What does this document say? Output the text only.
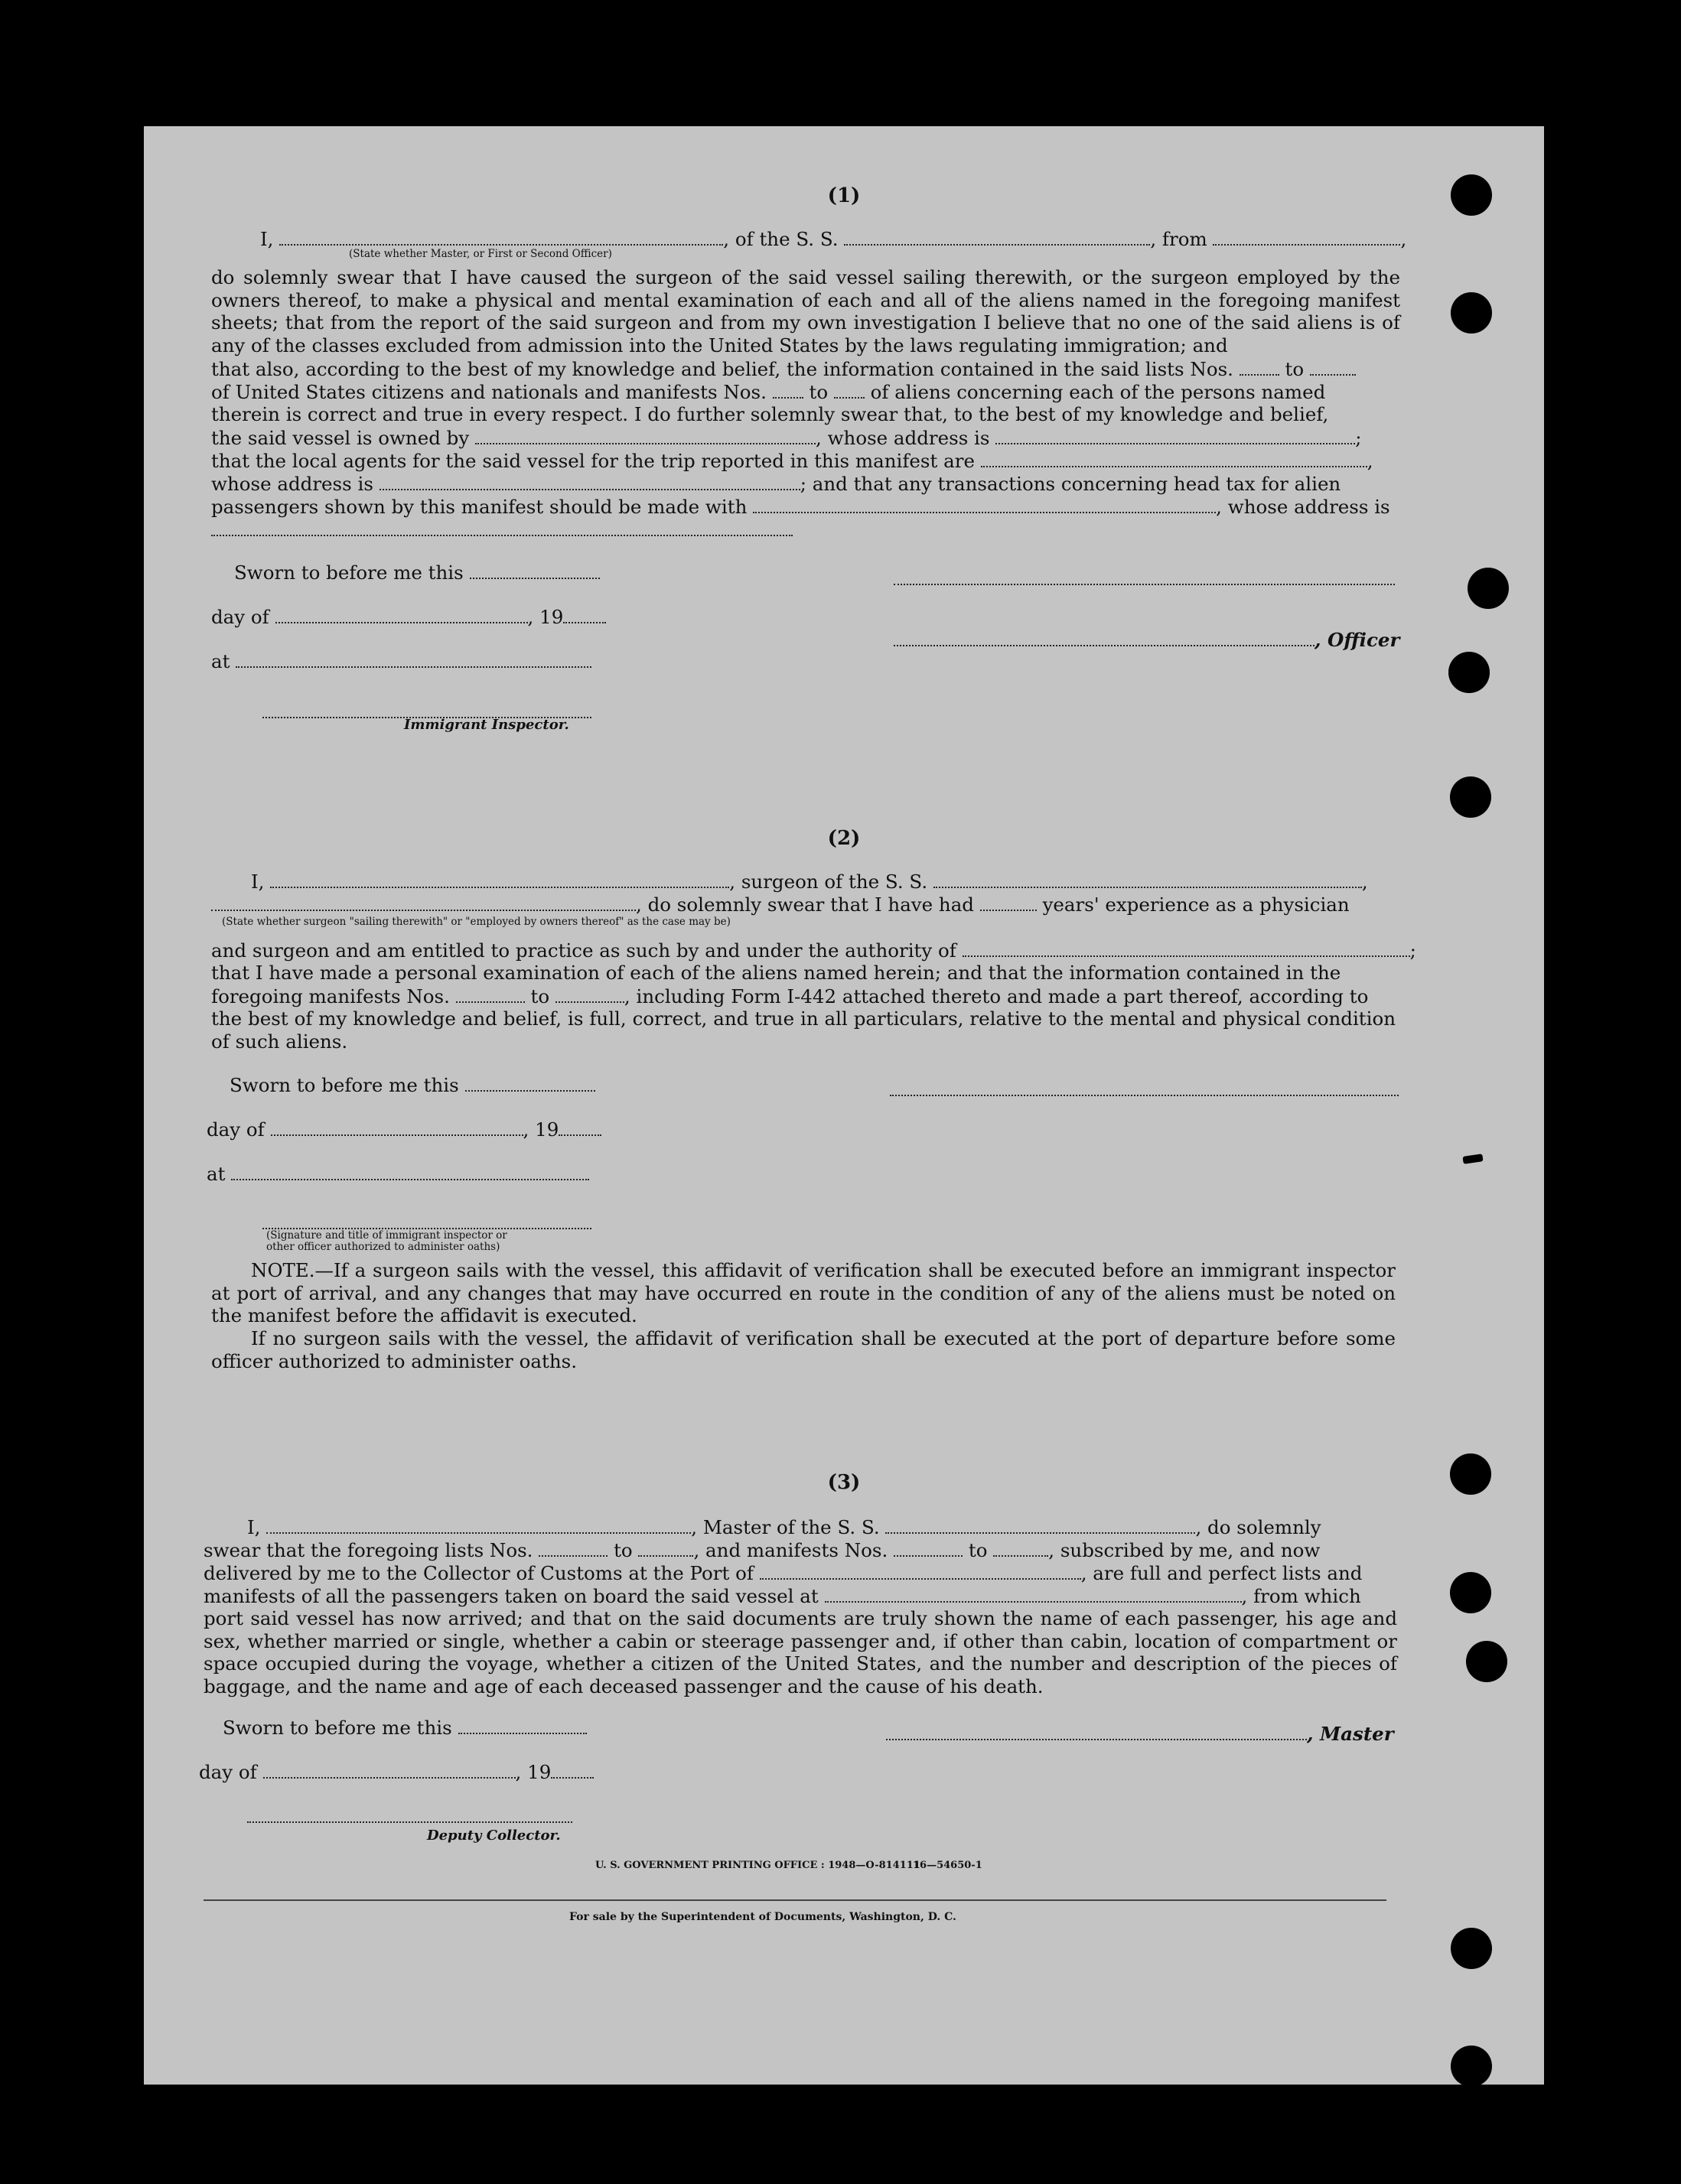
(1)
I,	, of the S. S.	, from	,
(State whether Master, or First or Second Officer)
do solemnly swear that I have caused the surgeon of the said vessel sailing therewith, or the surgeon employed by the owners thereof, to make a physical and mental examination of each and all of the aliens named in the foregoing manifest sheets; that from the report of the said surgeon and from my own investigation I believe that no one of the said aliens is of any of the classes excluded from admission into the United States by the laws regulating immigration; and
that also, according to the best of my knowledge and belief, the information contained in the said lists Nos.	to
of United States citizens and nationals and manifests Nos. to of aliens concerning each of the persons named
therein is correct and true in every respect. I do further solemnly swear that, to the best of my knowledge and belief,
the said vessel is owned by	, whose address is	;
that the local agents for the said vessel for the trip reported in this manifest are	,
whose address is	; and that any transactions concerning head tax for alien
passengers shown by this manifest should be made with	, whose address is
Sworn to before me this
day of	, 19
at
, Officer
Immigrant Inspector.
(2)
I,	, surgeon of the S. S.	,
, do solemnly swear that I have had	years' experience as a physician
(State whether surgeon "sailing therewith" or "employed by owners thereof" as the case may be)
and surgeon and am entitled to practice as such by and under the authority of	;
that I have made a personal examination of each of the aliens named herein; and that the information contained in the
foregoing manifests Nos.	to	, including Form I-442 attached thereto and made a part thereof, according to
the best of my knowledge and belief, is full, correct, and true in all particulars, relative to the mental and physical condition of such aliens.
Sworn to before me this
day of	, 19
at
(Signature and title of immigrant inspector or
other officer authorized to administer oaths)
NOTE.—If a surgeon sails with the vessel, this affidavit of verification shall be executed before an immigrant inspector at port of arrival, and any changes that may have occurred en route in the condition of any of the aliens must be noted on the manifest before the affidavit is executed.
If no surgeon sails with the vessel, the affidavit of verification shall be executed at the port of departure before some officer authorized to administer oaths.
(3)
I,	, Master of the S. S.	, do solemnly
swear that the foregoing lists Nos.	to	, and manifests Nos.	to	, subscribed by me, and now
delivered by me to the Collector of Customs at the Port of	, are full and perfect lists and
manifests of all the passengers taken on board the said vessel at	, from which
port said vessel has now arrived; and that on the said documents are truly shown the name of each passenger, his age and sex, whether married or single, whether a cabin or steerage passenger and, if other than cabin, location of compartment or space occupied during the voyage, whether a citizen of the United States, and the number and description of the pieces of baggage, and the name and age of each deceased passenger and the cause of his death.
Sworn to before me this	, Master
day of	, 19
Deputy Collector.
U. S. GOVERNMENT PRINTING OFFICE : 1948—O-814111
16—54650-1
For sale by the Superintendent of Documents, Washington, D. C.
